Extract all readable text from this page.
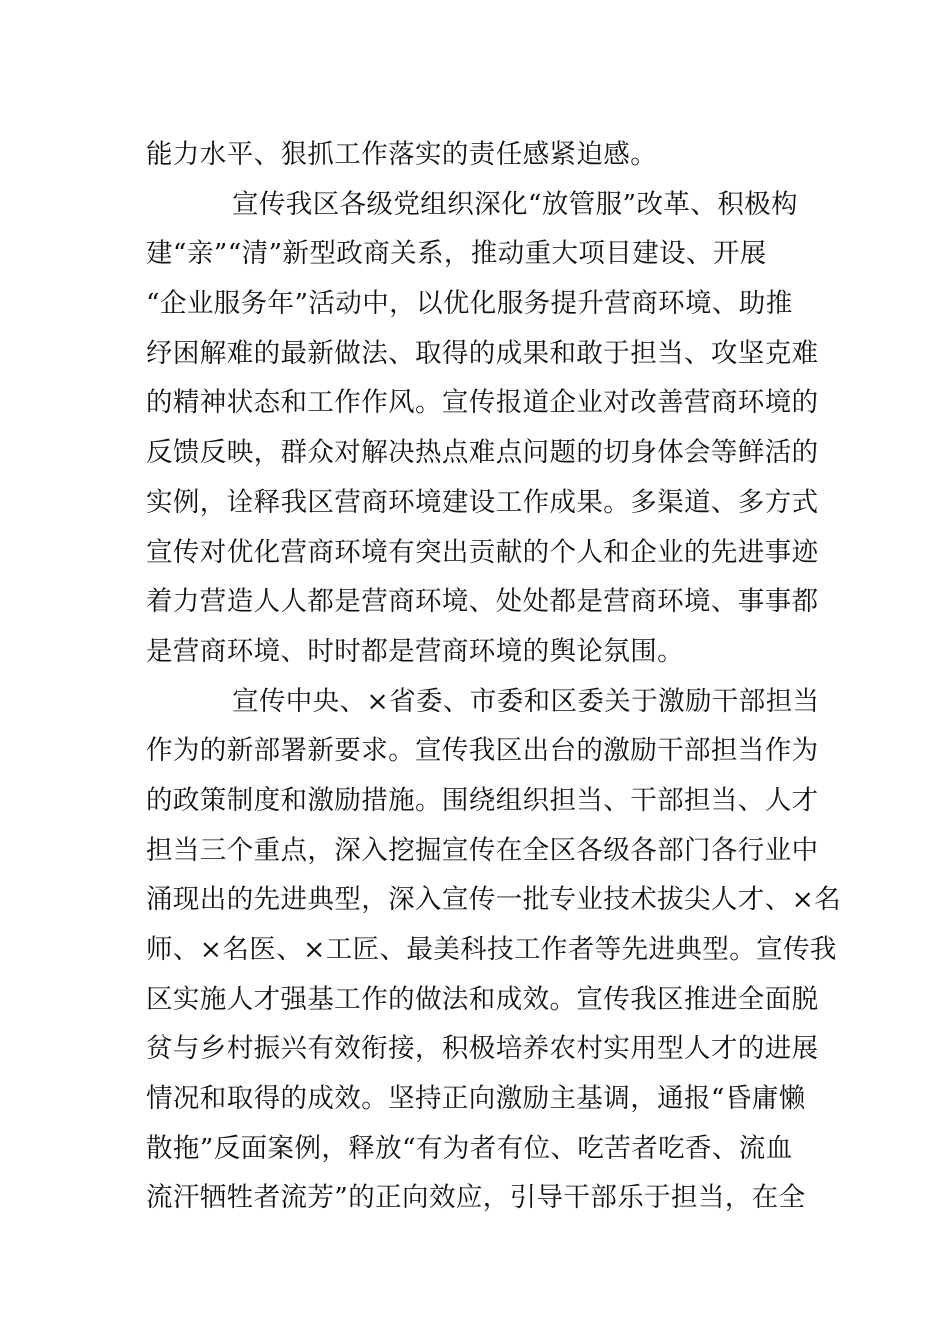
能力水平、狠抓工作落实的责任感紧迫感。
宣传我区各级党组织深化“放管服”改革、积极构
建“亲”“清”新型政商关系，推动重大项目建设、开展
“企业服务年”活动中，以优化服务提升营商环境、助推
纾困解难的最新做法、取得的成果和敢于担当、攻坚克难
的精神状态和工作作风。宣传报道企业对改善营商环境的
反馈反映，群众对解决热点难点问题的切身体会等鲜活的
实例，诠释我区营商环境建设工作成果。多渠道、多方式
宣传对优化营商环境有突出贡献的个人和企业的先进事迹
着力营造人人都是营商环境、处处都是营商环境、事事都
是营商环境、时时都是营商环境的舆论氛围。
宣传中央、×省委、市委和区委关于激励干部担当
作为的新部署新要求。宣传我区出台的激励干部担当作为
的政策制度和激励措施。围绕组织担当、干部担当、人才
担当三个重点，深入挖掘宣传在全区各级各部门各行业中
涌现出的先进典型，深入宣传一批专业技术拔尖人才、×名
师、×名医、×工匠、最美科技工作者等先进典型。宣传我
区实施人才强基工作的做法和成效。宣传我区推进全面脱
贫与乡村振兴有效衔接，积极培养农村实用型人才的进展
情况和取得的成效。坚持正向激励主基调，通报“昏庸懒
散拖”反面案例，释放“有为者有位、吃苦者吃香、流血
流汗牺牲者流芳”的正向效应，引导干部乐于担当，在全
